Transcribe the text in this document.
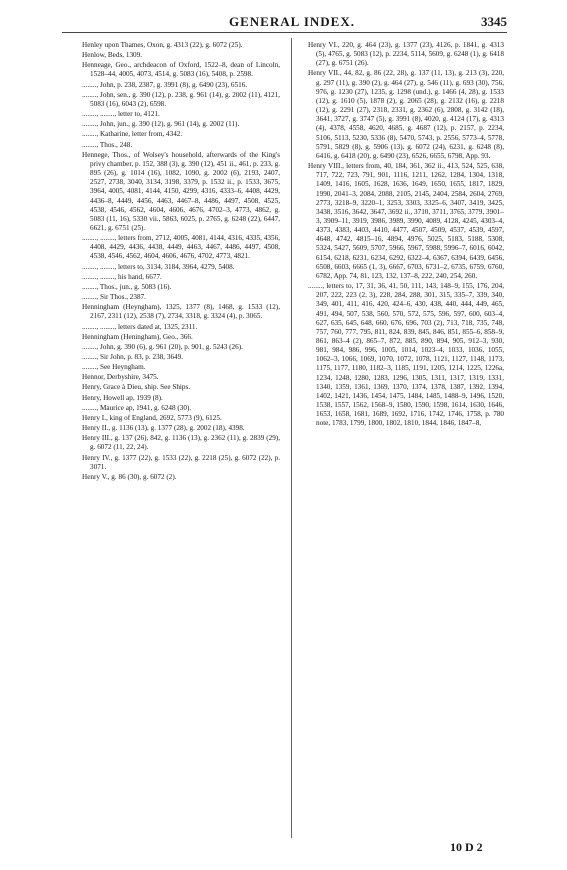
GENERAL INDEX.	3345
Henley upon Thames, Oxon, g. 4313 (22), g. 6072 (25).
Henlow, Beds, 1309.
Henneage, Geo., archdeacon of Oxford, 1522–8, dean of Lincoln, 1528–44, 4005, 4073, 4514, g. 5083 (16), 5408, p. 2598.
........, John, p. 238, 2387, g. 3991 (8), g. 6490 (23), 6516.
........, John, sen., g. 390 (12), p. 238, g. 961 (14), g. 2002 (11), 4121, 5083 (16), 6043 (2), 6598.
........, ........, letter to, 4121.
........, John, jun., g. 390 (12), g. 961 (14), g. 2002 (11).
........, Katharine, letter from, 4342.
........, Thos., 248.
Hennege, Thos., of Wolsey's household, afterwards of the King's privy chamber, p. 152, 388 (3), g. 390 (12), 451 ii., 461, p. 233, g. 895 (26), g. 1014 (16), 1082, 1090, g. 2002 (6), 2193, 2407, 2527, 2738, 3040, 3134, 3198, 3379, p. 1532 ii., p. 1533, 3675, 3964, 4005, 4081, 4144, 4150, 4299, 4316, 4333–6, 4408, 4429, 4436–8, 4449, 4456, 4463, 4467–8, 4486, 4497, 4508, 4525, 4538, 4546, 4562, 4604, 4606, 4676, 4702–3, 4773, 4862, g. 5083 (11, 16), 5330 vii., 5863, 6025, p. 2765, g. 6248 (22), 6447, 6621, g. 6751 (25).
........, ........, letters from, 2712, 4005, 4081, 4144, 4316, 4335, 4356, 4408, 4429, 4436, 4438, 4449, 4463, 4467, 4486, 4497, 4508, 4538, 4546, 4562, 4604, 4606, 4676, 4702, 4773, 4821.
........, ........, letters to, 3134, 3184, 3964, 4279, 5408.
........, ........, his hand, 6677.
........, Thos., jun., g. 5083 (16).
........, Sir Thos., 2387.
Henningham (Heyngham), 1325, 1377 (8), 1468, g. 1533 (12), 2167, 2311 (12), 2538 (7), 2734, 3318, g. 3324 (4), p. 3065.
........, ........, letters dated at, 1325, 2311.
Henningham (Heningham), Geo., 366.
........, John, g. 390 (6), g. 961 (20), p. 901, g. 5243 (26).
........, Sir John, p. 83, p. 238, 3649.
........, See Heyngham.
Hennor, Derbyshire, 3475.
Henry, Grace à Dieu, ship. See Ships.
Henry, Howell ap, 1939 (8).
........, Maurice ap, 1941, g. 6248 (30).
Henry I., king of England, 2692, 5773 (9), 6125.
Henry II., g. 1136 (13), g. 1377 (28), g. 2002 (18), 4398.
Henry III., g. 137 (26), 842, g. 1136 (13), g. 2362 (11), g. 2839 (29), g. 6072 (11, 22, 24).
Henry IV., g. 1377 (22), g. 1533 (22), g. 2218 (25), g. 6072 (22), p. 3071.
Henry V., g. 86 (30), g. 6072 (2).
Henry VI., 220, g. 464 (23), g. 1377 (23), 4126, p. 1841, g. 4313 (5), 4765, g. 5083 (12), p. 2234, 5114, 5609, g. 6248 (1), g. 6418 (27), g. 6751 (26).
Henry VII., 44, 82, g. 86 (22, 28), g. 137 (11, 13), g. 213 (3), 220, g. 297 (11), g. 390 (2), g. 464 (27), g. 546 (11), g. 693 (30), 756, 976, g. 1230 (27), 1235, g. 1298 (und.), g. 1466 (4, 28), g. 1533 (12), g. 1610 (5), 1878 (2), g. 2065 (28), g. 2132 (16), g. 2218 (12), g. 2291 (27), 2318, 2331, g. 2362 (6), 2808, g. 3142 (18), 3641, 3727, g. 3747 (5), g. 3991 (8), 4020, g. 4124 (17), g. 4313 (4), 4378, 4558, 4620, 4685, g. 4687 (12), p. 2157, p. 2234, 5106, 5113, 5230, 5336 (8), 5470, 5743, p. 2556, 5773–4, 5778, 5791, 5829 (8), g. 5906 (13), g. 6072 (24), 6231, g. 6248 (8), 6416, g. 6418 (20), g. 6490 (23), 6526, 6655, 6798, App. 93.
Henry VIII., letters from, 40, 184, 361, 362 ii., 413, 524, 525, 638, 717, 722, 723, 791, 901, 1116, 1211, 1262, 1284, 1304, 1318, 1409, 1416, 1605, 1628, 1636, 1649, 1650, 1655, 1817, 1829, 1990, 2041–3, 2084, 2088, 2105, 2145, 2404, 2584, 2604, 2769, 2773, 3218–9, 3220–1, 3253, 3303, 3325–6, 3407, 3419, 3425, 3438, 3516, 3642, 3647, 3692 ii., 3710, 3711, 3765, 3779, 3901–3, 3909–11, 3919, 3986, 3989, 3990, 4089, 4128, 4245, 4303–4, 4373, 4383, 4403, 4410, 4477, 4507, 4509, 4537, 4539, 4597, 4648, 4742, 4815–16, 4894, 4976, 5025, 5183, 5188, 5308, 5324, 5427, 5609, 5707, 5966, 5967, 5988, 5996–7, 6016, 6042, 6154, 6218, 6231, 6234, 6292, 6322–4, 6367, 6394, 6439, 6456, 6508, 6603, 6665 (1, 3), 6667, 6703, 6731–2, 6735, 6759, 6760, 6782, App. 74, 81, 123, 132, 137–8, 222, 240, 254, 260.
........, letters to, 17, 31, 36, 41, 50, 111, 143, 148–9, 155, 176, 204, 207, 222, 223 (2, 3), 228, 284, 288, 301, 315, 335–7, 339, 340, 349, 401, 411, 416, 420, 424–6, 430, 438, 440, 444, 449, 465, 491, 494, 507, 538, 560, 570, 572, 575, 596, 597, 600, 603–4, 627, 635, 645, 648, 660, 676, 696, 703 (2), 713, 718, 735, 748, 757, 760, 777, 795, 811, 824, 839, 845, 846, 851, 855–6, 858–9, 861, 863–4 (2), 865–7, 872, 885, 890, 894, 905, 912–3, 930, 981, 984, 986, 996, 1005, 1014, 1023–4, 1033, 1036, 1055, 1062–3, 1066, 1069, 1070, 1072, 1078, 1121, 1127, 1148, 1173, 1175, 1177, 1180, 1182–3, 1185, 1191, 1205, 1214, 1225, 1226a, 1234, 1248, 1280, 1283, 1296, 1305, 1311, 1317, 1319, 1331, 1340, 1359, 1361, 1369, 1370, 1374, 1378, 1387, 1392, 1394, 1402, 1421, 1436, 1454, 1475, 1484, 1485, 1488–9, 1496, 1520, 1538, 1557, 1562, 1568–9, 1580, 1590, 1598, 1614, 1630, 1646, 1653, 1658, 1681, 1689, 1692, 1716, 1742, 1746, 1758, p. 780 note, 1783, 1799, 1800, 1802, 1810, 1844, 1846, 1847–8,
10 D 2
